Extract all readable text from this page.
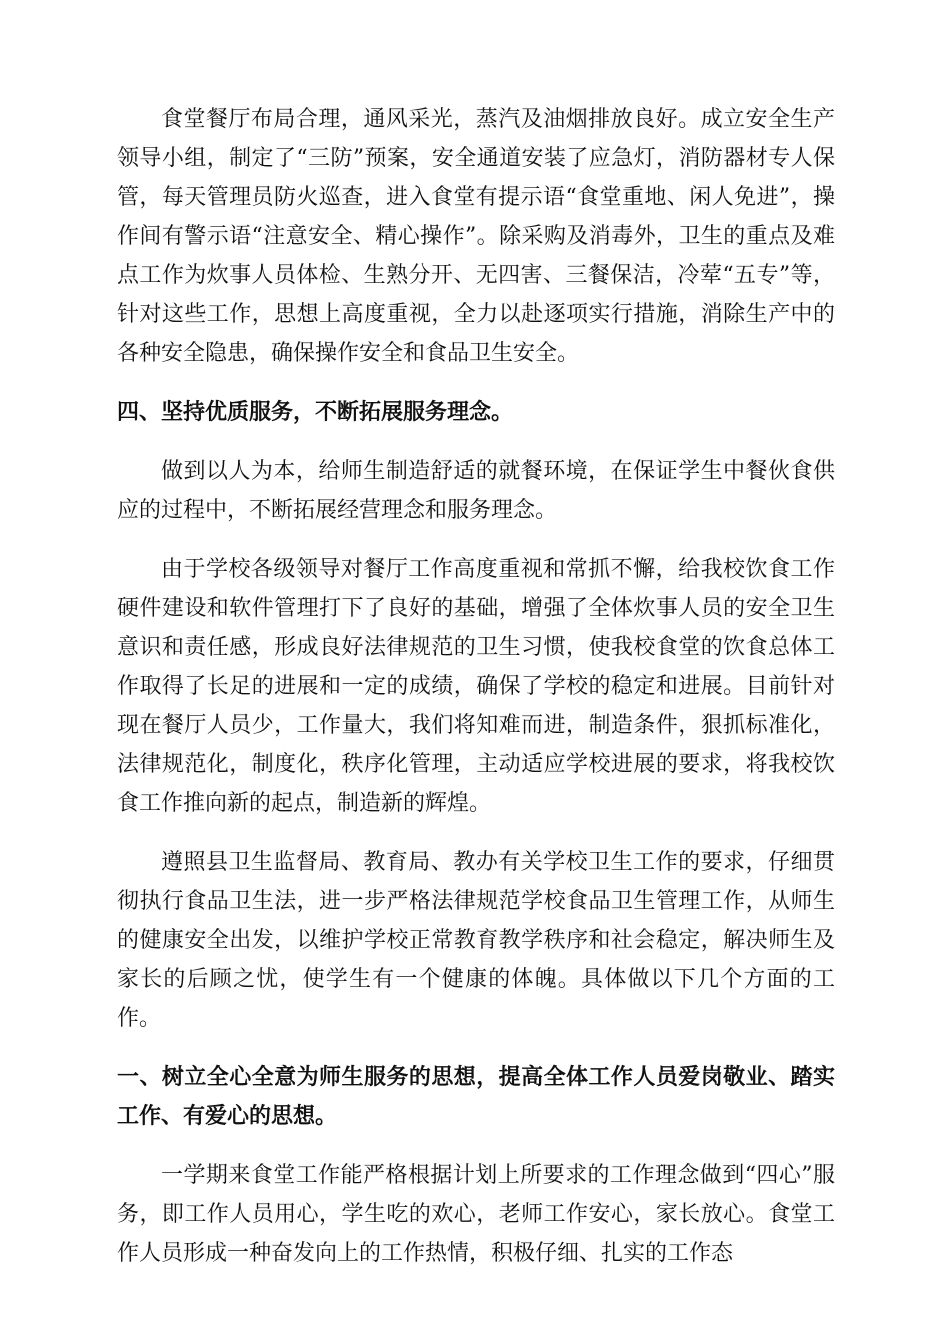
食堂餐厅布局合理，通风采光，蒸汽及油烟排放良好。成立安全生产领导小组，制定了“三防”预案，安全通道安装了应急灯，消防器材专人保管，每天管理员防火巡查，进入食堂有提示语“食堂重地、闲人免进”，操作间有警示语“注意安全、精心操作”。除采购及消毒外，卫生的重点及难点工作为炊事人员体检、生熟分开、无四害、三餐保洁，冷荤“五专”等，针对这些工作，思想上高度重视，全力以赴逐项实行措施，消除生产中的各种安全隐患，确保操作安全和食品卫生安全。

四、坚持优质服务，不断拓展服务理念。

做到以人为本，给师生制造舒适的就餐环境，在保证学生中餐伙食供应的过程中，不断拓展经营理念和服务理念。

由于学校各级领导对餐厅工作高度重视和常抓不懈，给我校饮食工作硬件建设和软件管理打下了良好的基础，增强了全体炊事人员的安全卫生意识和责任感，形成良好法律规范的卫生习惯，使我校食堂的饮食总体工作取得了长足的进展和一定的成绩，确保了学校的稳定和进展。目前针对现在餐厅人员少，工作量大，我们将知难而进，制造条件，狠抓标准化，法律规范化，制度化，秩序化管理，主动适应学校进展的要求，将我校饮食工作推向新的起点，制造新的辉煌。

遵照县卫生监督局、教育局、教办有关学校卫生工作的要求，仔细贯彻执行食品卫生法，进一步严格法律规范学校食品卫生管理工作，从师生的健康安全出发，以维护学校正常教育教学秩序和社会稳定，解决师生及家长的后顾之忧，使学生有一个健康的体魄。具体做以下几个方面的工作。

一、树立全心全意为师生服务的思想，提高全体工作人员爱岗敬业、踏实工作、有爱心的思想。

一学期来食堂工作能严格根据计划上所要求的工作理念做到“四心”服务，即工作人员用心，学生吃的欢心，老师工作安心，家长放心。食堂工作人员形成一种奋发向上的工作热情，积极仔细、扎实的工作态
